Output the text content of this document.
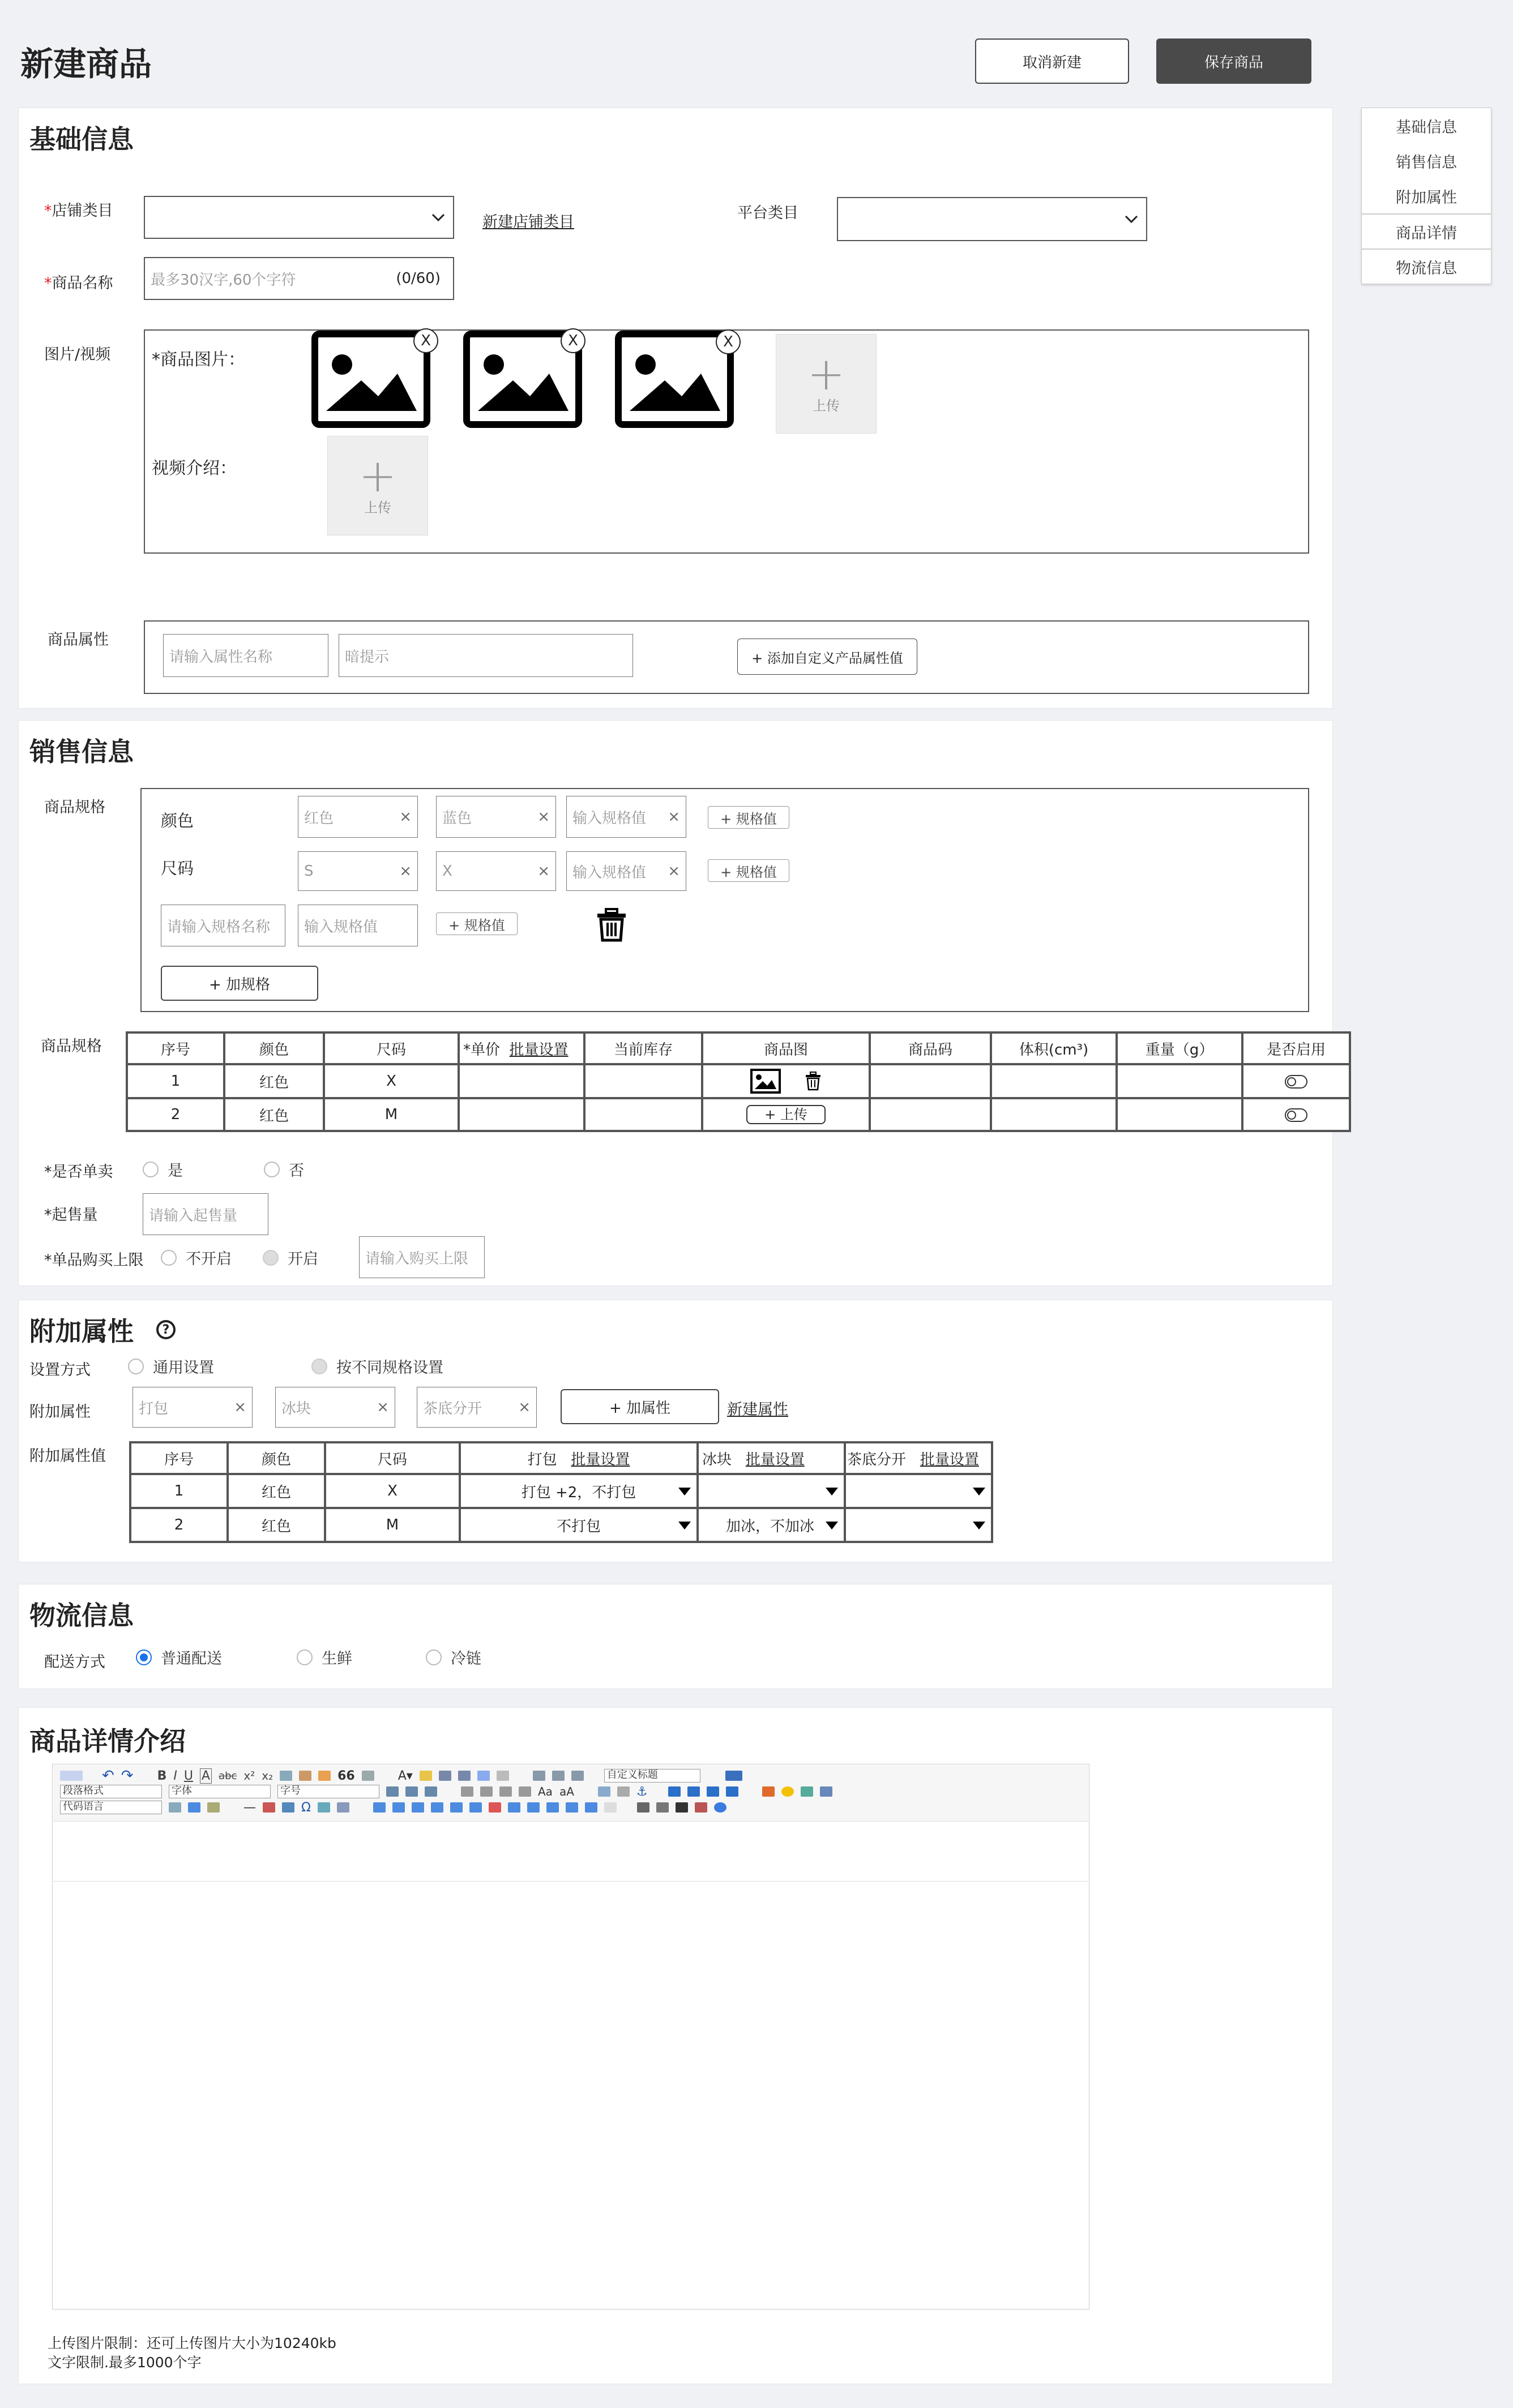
新建商品	取消新建	保存商品
基础信息
销售信息
附加属性
商品详情
物流信息
基础信息
*店铺类目
新建店铺类目
平台类目
*商品名称	最多30汉字,60个字符	(0/60)
图片/视频 *商品图片：
X	X	X
+
上传
视频介绍：	+
上传
商品属性
请输入属性名称	暗提示	+ 添加自定义产品属性值
销售信息
商品规格
颜色	红色	× 蓝色	× 输入规格值 ×	+ 规格值
尺码	S	× X	× 输入规格值 ×	+ 规格值
请输入规格名称	输入规格值	+ 规格值
+ 加规格
商品规格	序号	颜色	尺码	*单价 批量设置	当前库存	商品图	商品码	体积(cm³)	重量（g）	是否启用
1	红色	X							
2	红色	M			+ 上传				
*是否单卖	是	否
*起售量	请输入起售量
*单品购买上限	不开启	开启	请输入购买上限
附加属性	?
设置方式	通用设置	按不同规格设置
附加属性	打包	× 冰块	× 茶底分开 ×	+ 加属性	新建属性
附加属性值	序号	颜色	尺码	打包 批量设置	冰块 批量设置	茶底分开 批量设置
1	红色	X	打包 +2，不打包

2	红色	M	不打包	加冰，不加冰

物流信息
配送方式	普通配送	生鲜	冷链
商品详情介绍
↶ ↷ B I U A abc x² x₂	66	A▾	自定义标题
段落格式	字体	字号	Aa aA	⚓
代码语言	—	Ω
上传图片限制：还可上传图片大小为10240kb
文字限制.最多1000个字
